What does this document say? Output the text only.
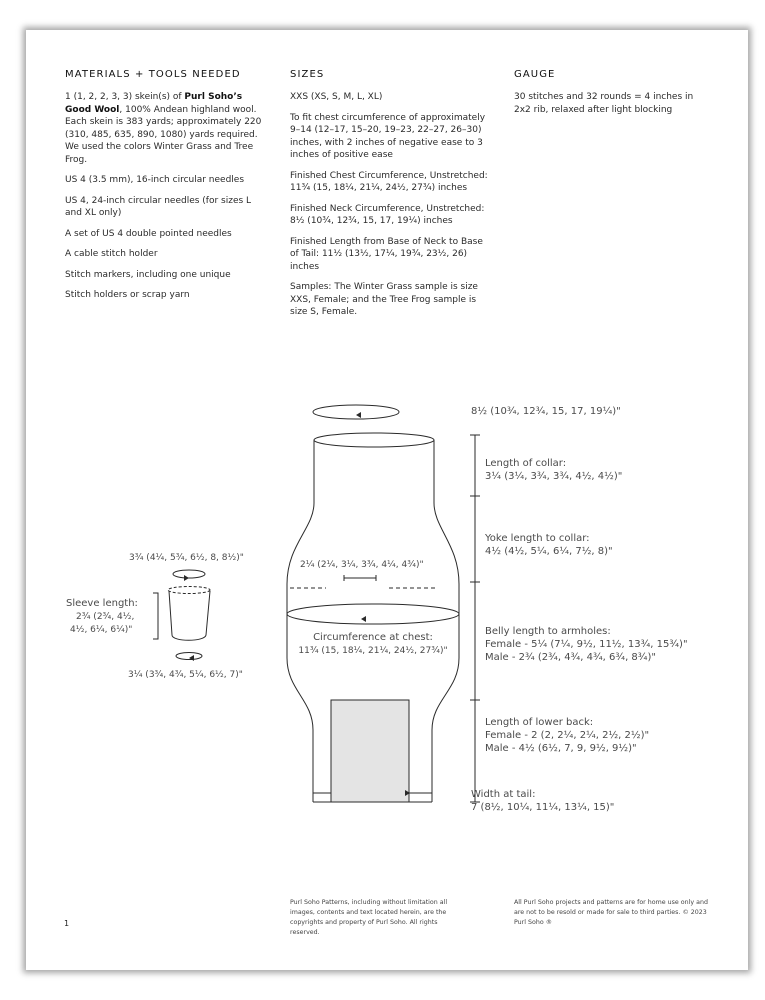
MATERIALS + TOOLS NEEDED

1 (1, 2, 2, 3, 3) skein(s) of Purl Soho’s Good Wool, 100% Andean highland wool. Each skein is 383 yards; approximately 220 (310, 485, 635, 890, 1080) yards required. We used the colors Winter Grass and Tree Frog.

US 4 (3.5 mm), 16-inch circular needles

US 4, 24-inch circular needles (for sizes L and XL only)

A set of US 4 double pointed needles

A cable stitch holder

Stitch markers, including one unique

Stitch holders or scrap yarn

SIZES

XXS (XS, S, M, L, XL)

To fit chest circumference of approximately 9–14 (12–17, 15–20, 19–23, 22–27, 26–30) inches, with 2 inches of negative ease to 3 inches of positive ease

Finished Chest Circumference, Unstretched: 11¾ (15, 18¼, 21¼, 24½, 27¾) inches

Finished Neck Circumference, Unstretched: 8½ (10¾, 12¾, 15, 17, 19¼) inches

Finished Length from Base of Neck to Base of Tail: 11½ (13½, 17¼, 19¾, 23½, 26) inches

Samples: The Winter Grass sample is size XXS, Female; and the Tree Frog sample is size S, Female.

GAUGE

30 stitches and 32 rounds = 4 inches in 2x2 rib, relaxed after light blocking

8½ (10¾, 12¾, 15, 17, 19¼)"
Length of collar:
3¼ (3¼, 3¾, 3¾, 4½, 4½)"
Yoke length to collar:
4½ (4½, 5¼, 6¼, 7½, 8)"
Belly length to armholes:
Female - 5¼ (7¼, 9½, 11½, 13¾, 15¾)"
Male - 2¾ (2¾, 4¾, 4¾, 6¾, 8¾)"
Length of lower back:
Female - 2 (2, 2¼, 2¼, 2½, 2½)"
Male - 4½ (6½, 7, 9, 9½, 9½)"
Width at tail:
7 (8½, 10¼, 11¼, 13¼, 15)"
2¼ (2¼, 3¼, 3¾, 4¼, 4¾)"
Circumference at chest:
11¾ (15, 18¼, 21¼, 24½, 27¾)"
3¾ (4¼, 5¾, 6½, 8, 8½)"
Sleeve length:
2¾ (2¾, 4½,
4½, 6¼, 6¼)"
3¼ (3¾, 4¾, 5¼, 6½, 7)"
Purl Soho Patterns, including without limitation all images, contents and text located herein, are the copyrights and property of Purl Soho. All rights reserved.
All Purl Soho projects and patterns are for home use only and are not to be resold or made for sale to third parties. © 2023 Purl Soho ®
1
